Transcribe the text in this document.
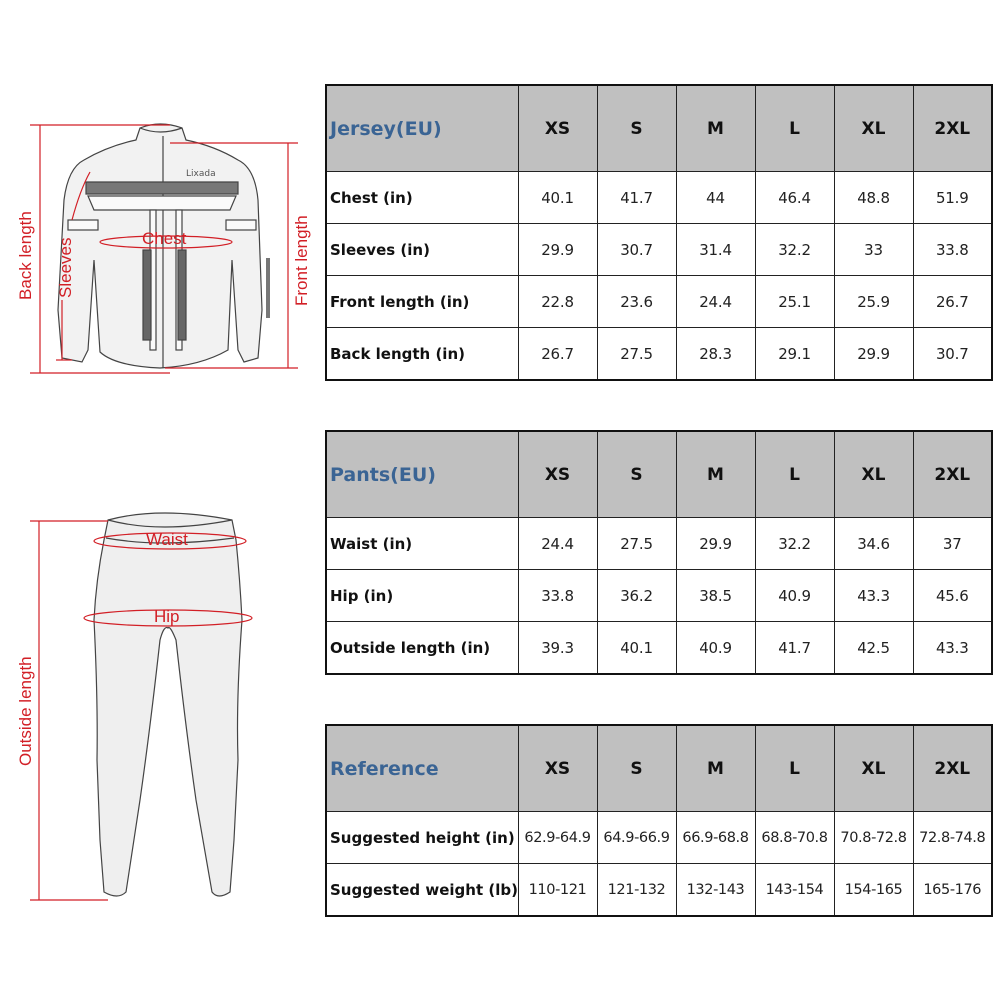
Lixada
Back length Sleeves	Chest	Front length
Waist
Hip
Outside length
Jersey(EU)	XS	S	M	L	XL	2XL
Chest (in)	40.1	41.7	44	46.4	48.8	51.9
Sleeves (in)	29.9	30.7	31.4	32.2	33	33.8
Front length (in)	22.8	23.6	24.4	25.1	25.9	26.7
Back length (in)	26.7	27.5	28.3	29.1	29.9	30.7
Pants(EU)	XS	S	M	L	XL	2XL
Waist (in)	24.4	27.5	29.9	32.2	34.6	37
Hip (in)	33.8	36.2	38.5	40.9	43.3	45.6
Outside length (in)	39.3	40.1	40.9	41.7	42.5	43.3
Reference	XS	S	M	L	XL	2XL
Suggested height (in)	62.9-64.9	64.9-66.9	66.9-68.8	68.8-70.8	70.8-72.8	72.8-74.8
Suggested weight (lb)	110-121	121-132	132-143	143-154	154-165	165-176
